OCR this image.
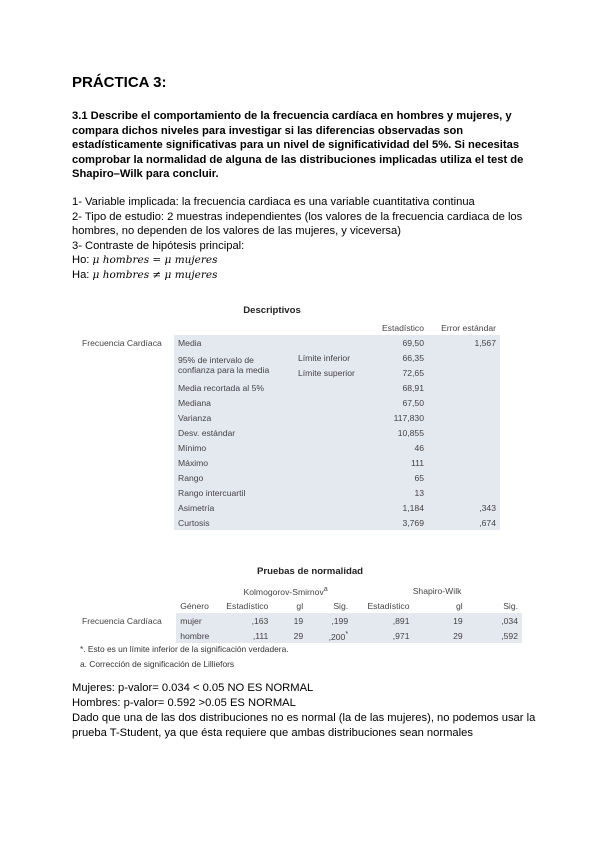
PRÁCTICA 3:
3.1 Describe el comportamiento de la frecuencia cardíaca en hombres y mujeres, y compara dichos niveles para investigar si las diferencias observadas son estadísticamente significativas para un nivel de significatividad del 5%. Si necesitas comprobar la normalidad de alguna de las distribuciones implicadas utiliza el test de Shapiro–Wilk para concluir.
1- Variable implicada: la frecuencia cardiaca es una variable cuantitativa continua
2- Tipo de estudio: 2 muestras independientes (los valores de la frecuencia cardiaca de los hombres, no dependen de los valores de las mujeres, y viceversa)
3- Contraste de hipótesis principal:
Ho: μ hombres = μ mujeres
Ha: μ hombres ≠ μ mujeres
Descriptivos
			Estadístico	Error estándar
Frecuencia Cardíaca	Media		69,50	1,567
	95% de intervalo de confianza para la media	Límite inferior	66,35	
		Límite superior	72,65	
	Media recortada al 5%		68,91	
	Mediana		67,50	
	Varianza		117,830	
	Desv. estándar		10,855	
	Mínimo		46	
	Máximo		111	
	Rango		65	
	Rango intercuartil		13	
	Asimetría		1,184	,343
	Curtosis		3,769	,674
Pruebas de normalidad
		Kolmogorov-Smirnov$^a$			Shapiro-Wilk		
	Género	Estadístico	gl	Sig.	Estadístico	gl	Sig.
Frecuencia Cardíaca	mujer	,163	19	,199	,891	19	,034
	hombre	,111	29	,200*	,971	29	,592
*. Esto es un límite inferior de la significación verdadera.
a. Corrección de significación de Lilliefors
Mujeres: p-valor= 0.034 < 0.05 NO ES NORMAL
Hombres: p-valor= 0.592 >0.05 ES NORMAL
Dado que una de las dos distribuciones no es normal (la de las mujeres), no podemos usar la prueba T-Student, ya que ésta requiere que ambas distribuciones sean normales
